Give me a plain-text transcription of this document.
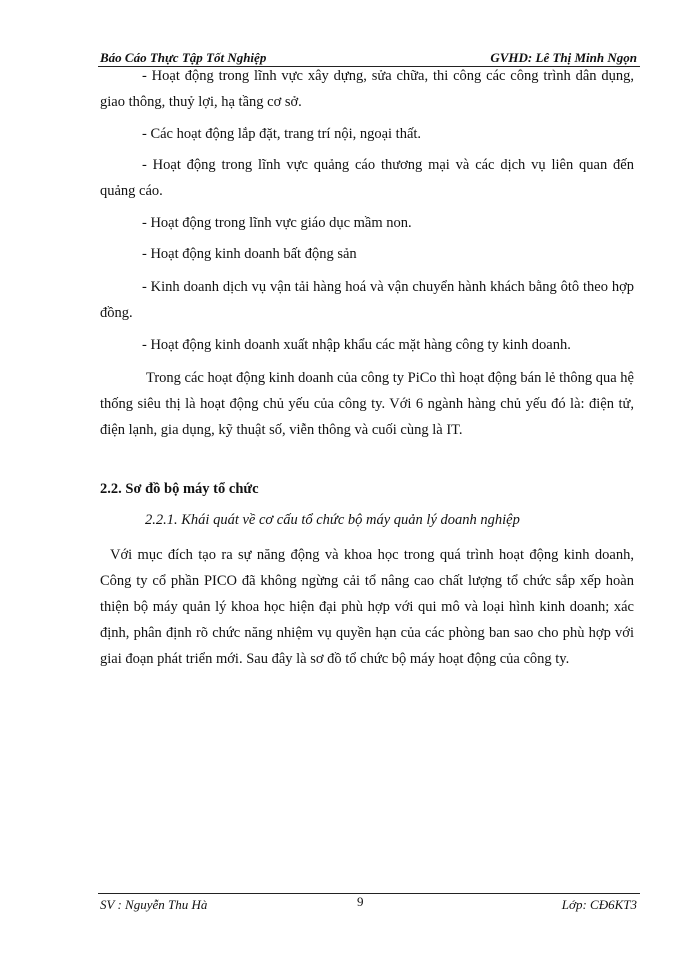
Báo Cáo Thực Tập Tốt Nghiệp	GVHD: Lê Thị Minh Ngọn
- Hoạt động trong lĩnh vực xây dựng, sửa chữa, thi công các công trình dân dụng, giao thông, thuỷ lợi, hạ tầng cơ sở.
- Các hoạt động lắp đặt, trang trí nội, ngoại thất.
- Hoạt động trong lĩnh vực quảng cáo thương mại và các dịch vụ liên quan đến quảng cáo.
- Hoạt động trong lĩnh vực giáo dục mầm non.
- Hoạt động kinh doanh bất động sản
- Kinh doanh dịch vụ vận tải hàng hoá và vận chuyển hành khách bằng ôtô theo hợp đồng.
- Hoạt động kinh doanh xuất nhập khẩu các mặt hàng công ty kinh doanh.
Trong các hoạt động kinh doanh của công ty PiCo thì hoạt động bán lẻ thông qua hệ thống siêu thị là hoạt động chủ yếu của công ty. Với 6 ngành hàng chủ yếu đó là: điện tử, điện lạnh, gia dụng, kỹ thuật số, viễn thông và cuối cùng là IT.
2.2. Sơ đồ bộ máy tổ chức
2.2.1. Khái quát về cơ cấu tổ chức bộ máy quản lý doanh nghiệp
Với mục đích tạo ra sự năng động và khoa học trong quá trình hoạt động kinh doanh, Công ty cổ phần PICO đã không ngừng cải tổ nâng cao chất lượng tổ chức sắp xếp hoàn thiện bộ máy quản lý khoa học hiện đại phù hợp với qui mô và loại hình kinh doanh; xác định, phân định rõ chức năng nhiệm vụ quyền hạn của các phòng ban sao cho phù hợp với giai đoạn phát triển mới. Sau đây là sơ đồ tổ chức bộ máy hoạt động của công ty.
SV : Nguyễn Thu Hà	9	Lớp: CĐ6KT3
